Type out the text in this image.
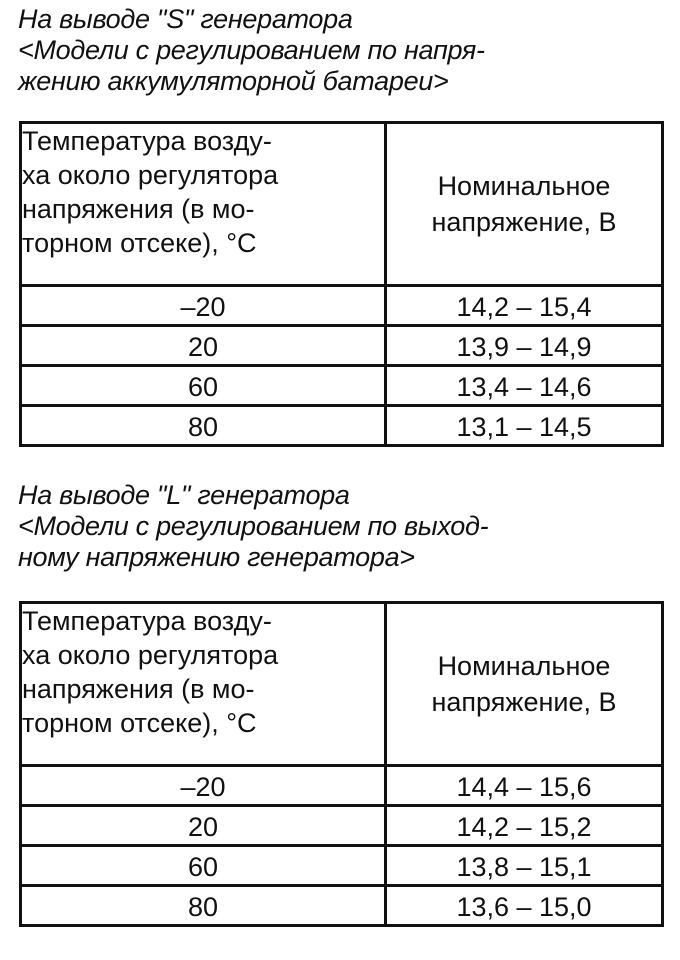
На выводе "S" генератора
<Модели с регулированием по напря-
жению аккумуляторной батареи>
Температура возду-
ха около регулятора
напряжения (в мо-
торном отсеке), °C	Номинальное
напряжение, В

–20	14,2 – 15,4
20	13,9 – 14,9
60	13,4 – 14,6
80	13,1 – 14,5
На выводе "L" генератора
<Модели с регулированием по выход-
ному напряжению генератора>
Температура возду-
ха около регулятора
напряжения (в мо-
торном отсеке), °C	Номинальное
напряжение, В

–20	14,4 – 15,6
20	14,2 – 15,2
60	13,8 – 15,1
80	13,6 – 15,0
